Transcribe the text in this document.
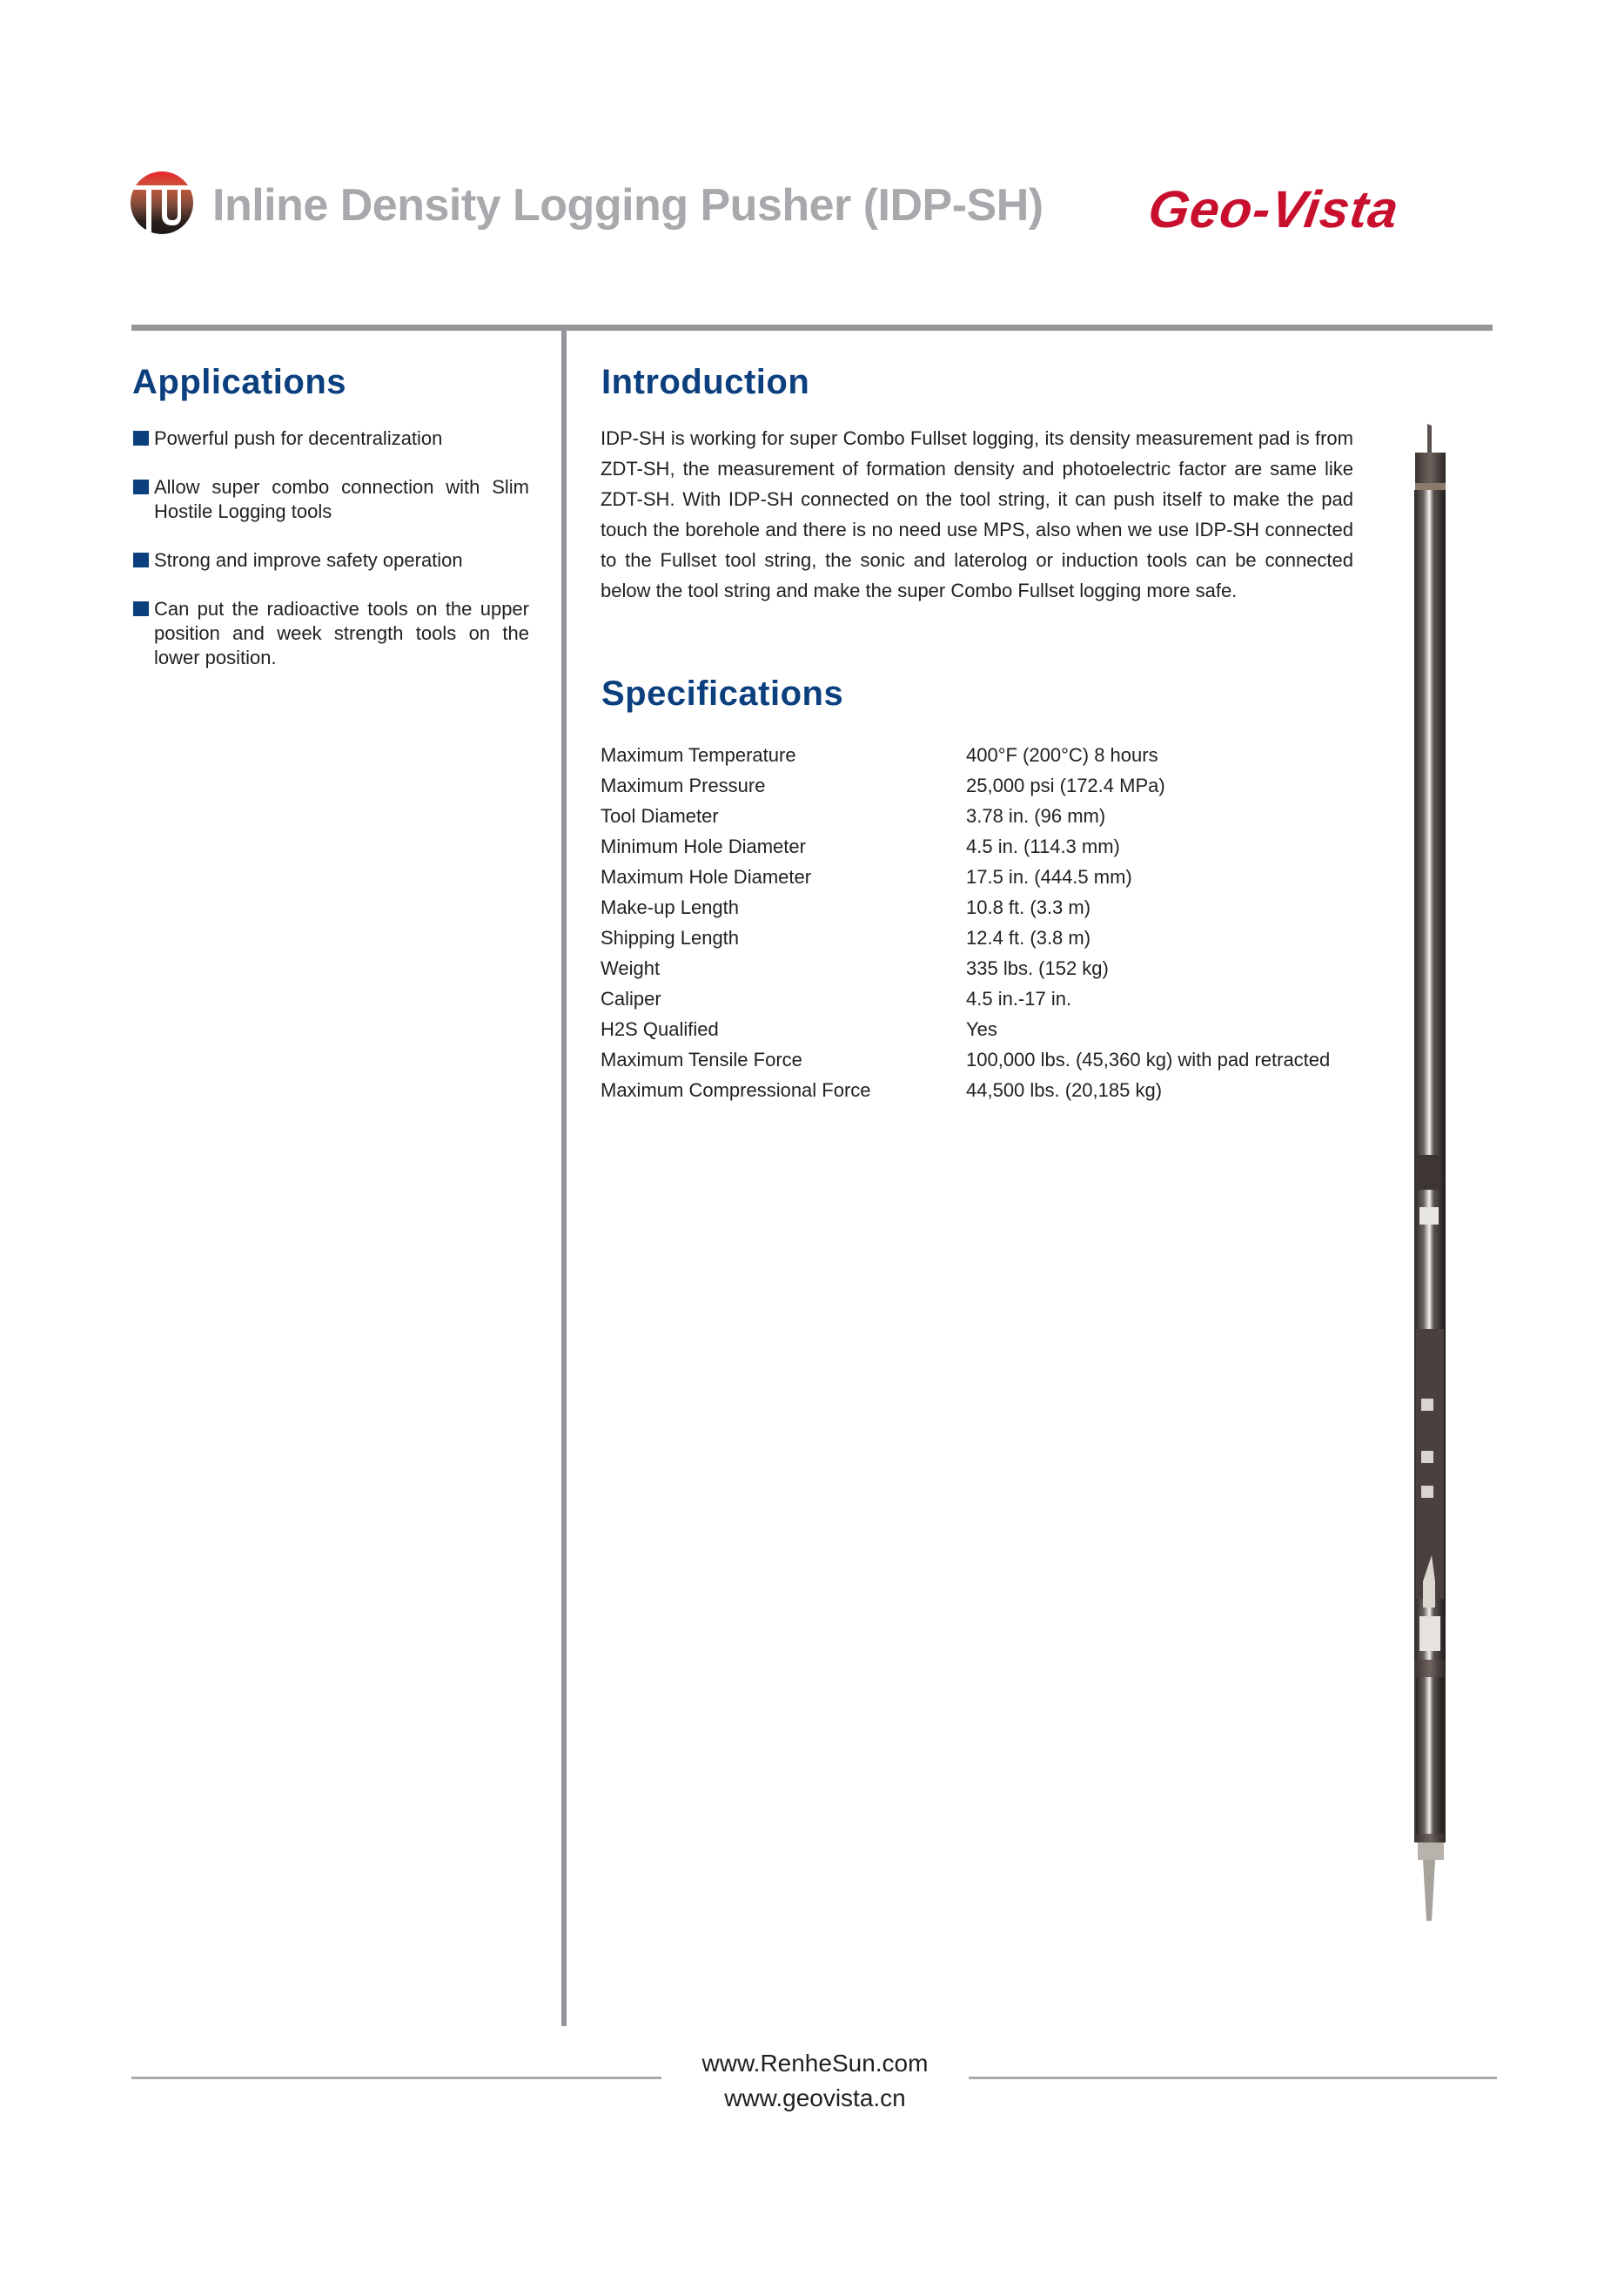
Inline Density Logging Pusher (IDP-SH) Geo-Vista
Applications
Powerful push for decentralization
Allow super combo connection with Slim Hostile Logging tools
Strong and improve safety operation
Can put the radioactive tools on the upper position and week strength tools on the lower position.
Introduction
IDP-SH is working for super Combo Fullset logging, its density measurement pad is from ZDT-SH, the measurement of formation density and photoelectric factor are same like ZDT-SH. With IDP-SH connected on the tool string, it can push itself to make the pad touch the borehole and there is no need use MPS, also when we use IDP-SH connected to the Fullset tool string, the sonic and laterolog or induction tools can be connected below the tool string and make the super Combo Fullset logging more safe.
Specifications
Maximum Temperature	400°F (200°C) 8 hours
Maximum Pressure	25,000 psi (172.4 MPa)
Tool Diameter	3.78 in. (96 mm)
Minimum Hole Diameter	4.5 in. (114.3 mm)
Maximum Hole Diameter	17.5 in. (444.5 mm)
Make-up Length	10.8 ft. (3.3 m)
Shipping Length	12.4 ft. (3.8 m)
Weight	335 lbs. (152 kg)
Caliper	4.5 in.-17 in.
H2S Qualified	Yes
Maximum Tensile Force	100,000 lbs. (45,360 kg) with pad retracted
Maximum Compressional Force	44,500 lbs. (20,185 kg)
www.RenheSun.com
www.geovista.cn
